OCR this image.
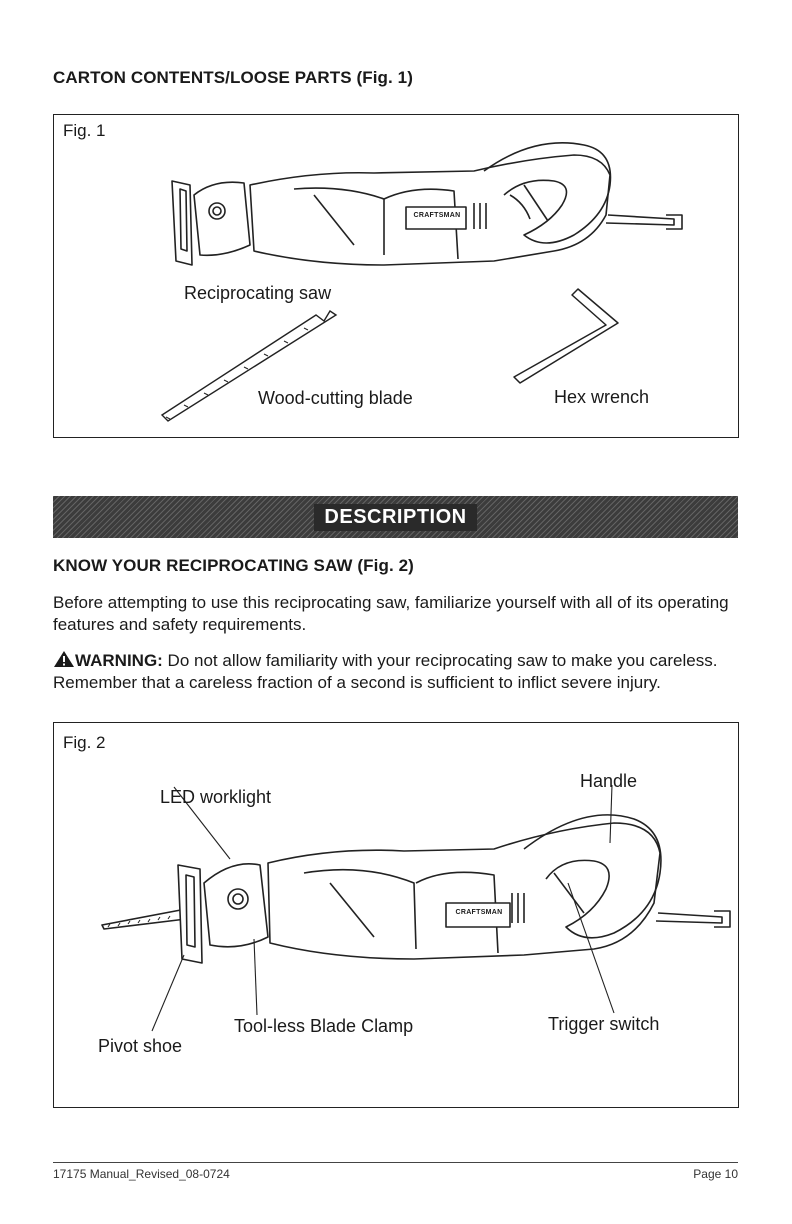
CARTON CONTENTS/LOOSE PARTS (Fig. 1)
Fig. 1
CRAFTSMAN
Reciprocating saw
Wood-cutting blade	Hex wrench
DESCRIPTION
KNOW YOUR RECIPROCATING SAW (Fig. 2)
Before attempting to use this reciprocating saw, familiarize yourself with all of its operating features and safety requirements.
WARNING: Do not allow familiarity with your reciprocating saw to make you careless. Remember that a careless fraction of a second is sufficient to inflict severe injury.
Fig. 2
CRAFTSMAN
LED worklight
Handle
Pivot shoe
Tool-less Blade Clamp	Trigger switch
17175 Manual_Revised_08-0724	Page 10
